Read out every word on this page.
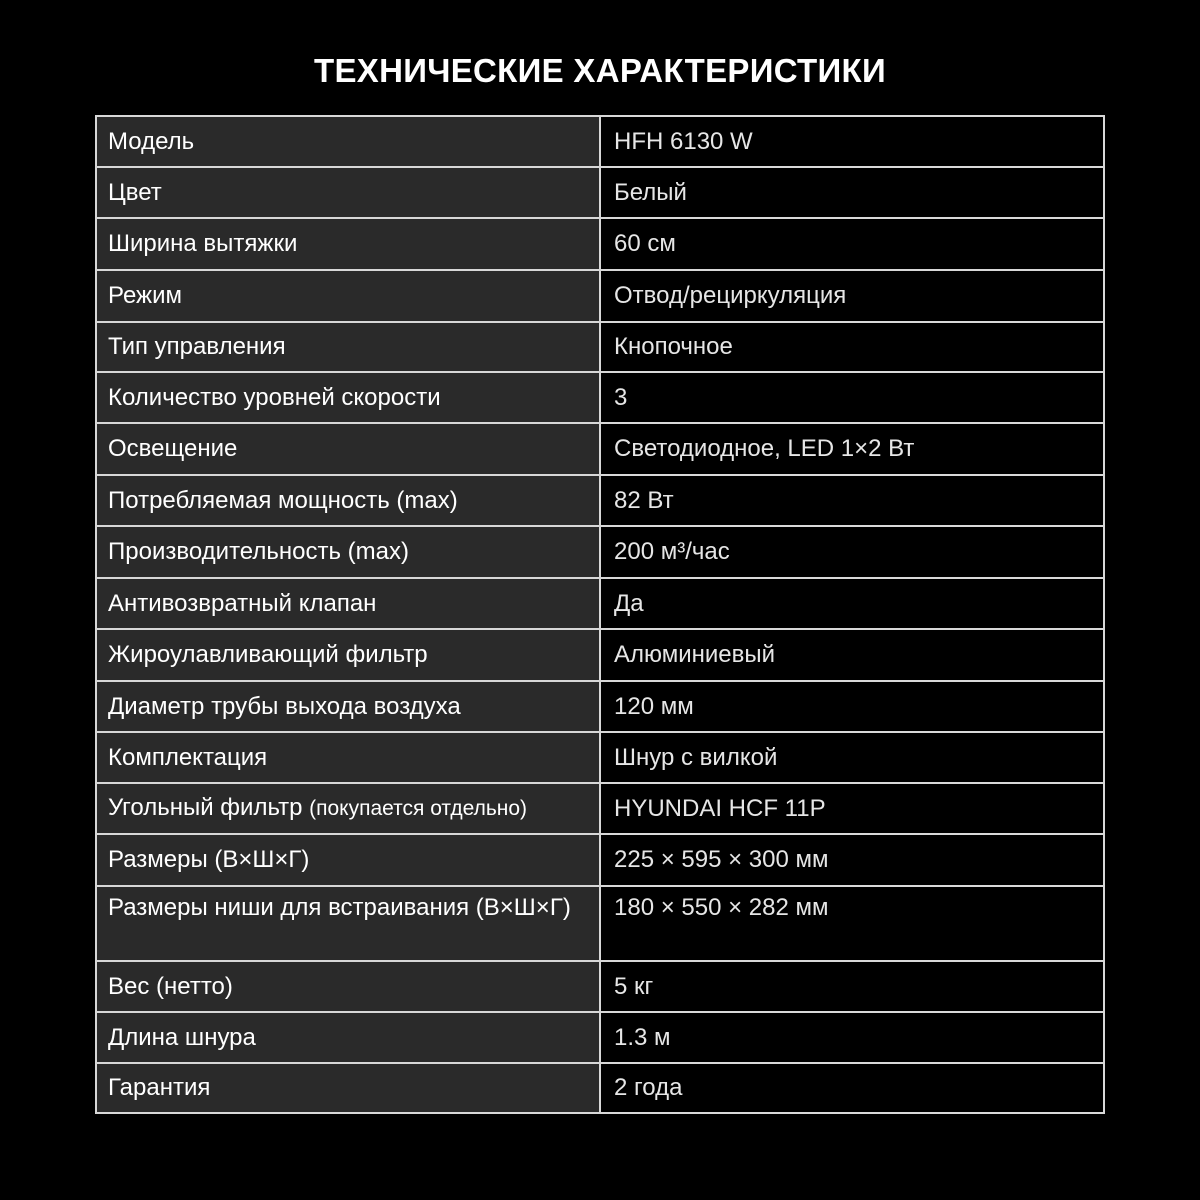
ТЕХНИЧЕСКИЕ ХАРАКТЕРИСТИКИ
Модель	HFH 6130 W
Цвет	Белый
Ширина вытяжки	60 см
Режим	Отвод/рециркуляция
Тип управления	Кнопочное
Количество уровней скорости	3
Освещение	Светодиодное, LED 1×2 Вт
Потребляемая мощность (max)	82 Вт
Производительность (max)	200 м³/час
Антивозвратный клапан	Да
Жироулавливающий фильтр	Алюминиевый
Диаметр трубы выхода воздуха	120 мм
Комплектация	Шнур с вилкой
Угольный фильтр (покупается отдельно)	HYUNDAI HCF 11P
Размеры (В×Ш×Г)	225 × 595 × 300 мм
Размеры ниши для встраивания (В×Ш×Г)	180 × 550 × 282 мм
Вес (нетто)	5 кг
Длина шнура	1.3 м
Гарантия	2 года
